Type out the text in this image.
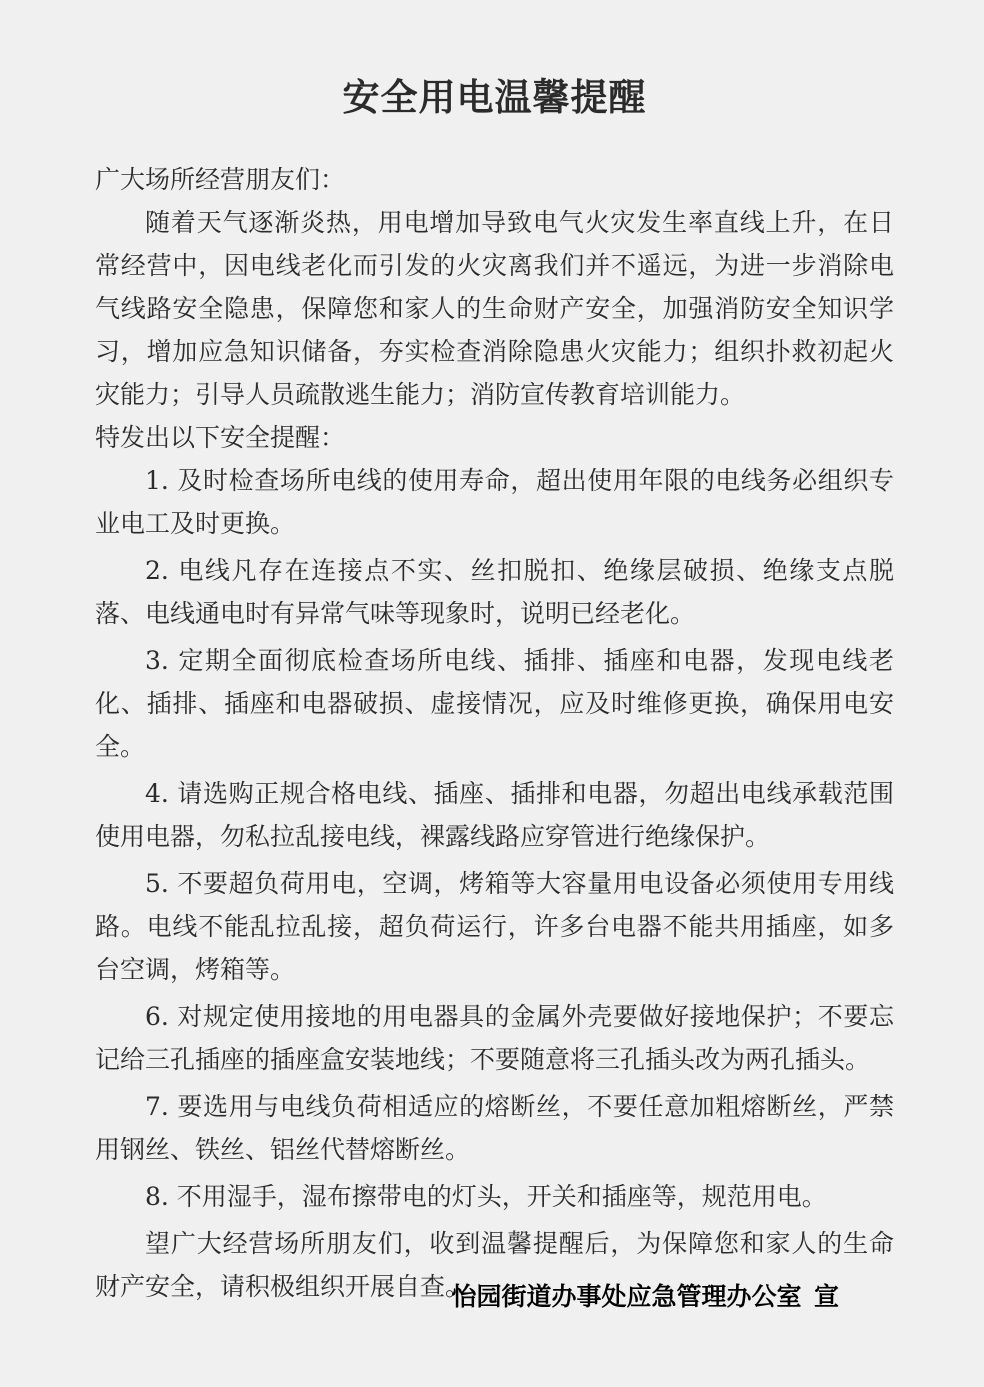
安全用电温馨提醒

广大场所经营朋友们：

随着天气逐渐炎热，用电增加导致电气火灾发生率直线上升，在日常经营中，因电线老化而引发的火灾离我们并不遥远，为进一步消除电气线路安全隐患，保障您和家人的生命财产安全，加强消防安全知识学习，增加应急知识储备，夯实检查消除隐患火灾能力；组织扑救初起火灾能力；引导人员疏散逃生能力；消防宣传教育培训能力。

特发出以下安全提醒：

1. 及时检查场所电线的使用寿命，超出使用年限的电线务必组织专业电工及时更换。

2. 电线凡存在连接点不实、丝扣脱扣、绝缘层破损、绝缘支点脱落、电线通电时有异常气味等现象时，说明已经老化。

3. 定期全面彻底检查场所电线、插排、插座和电器，发现电线老化、插排、插座和电器破损、虚接情况，应及时维修更换，确保用电安全。

4. 请选购正规合格电线、插座、插排和电器，勿超出电线承载范围使用电器，勿私拉乱接电线，裸露线路应穿管进行绝缘保护。

5. 不要超负荷用电，空调，烤箱等大容量用电设备必须使用专用线路。电线不能乱拉乱接，超负荷运行，许多台电器不能共用插座，如多台空调，烤箱等。

6. 对规定使用接地的用电器具的金属外壳要做好接地保护；不要忘记给三孔插座的插座盒安装地线；不要随意将三孔插头改为两孔插头。

7. 要选用与电线负荷相适应的熔断丝，不要任意加粗熔断丝，严禁用钢丝、铁丝、铝丝代替熔断丝。

8. 不用湿手，湿布擦带电的灯头，开关和插座等，规范用电。

望广大经营场所朋友们，收到温馨提醒后，为保障您和家人的生命财产安全，请积极组织开展自查。

怡园街道办事处应急管理办公室  宣
